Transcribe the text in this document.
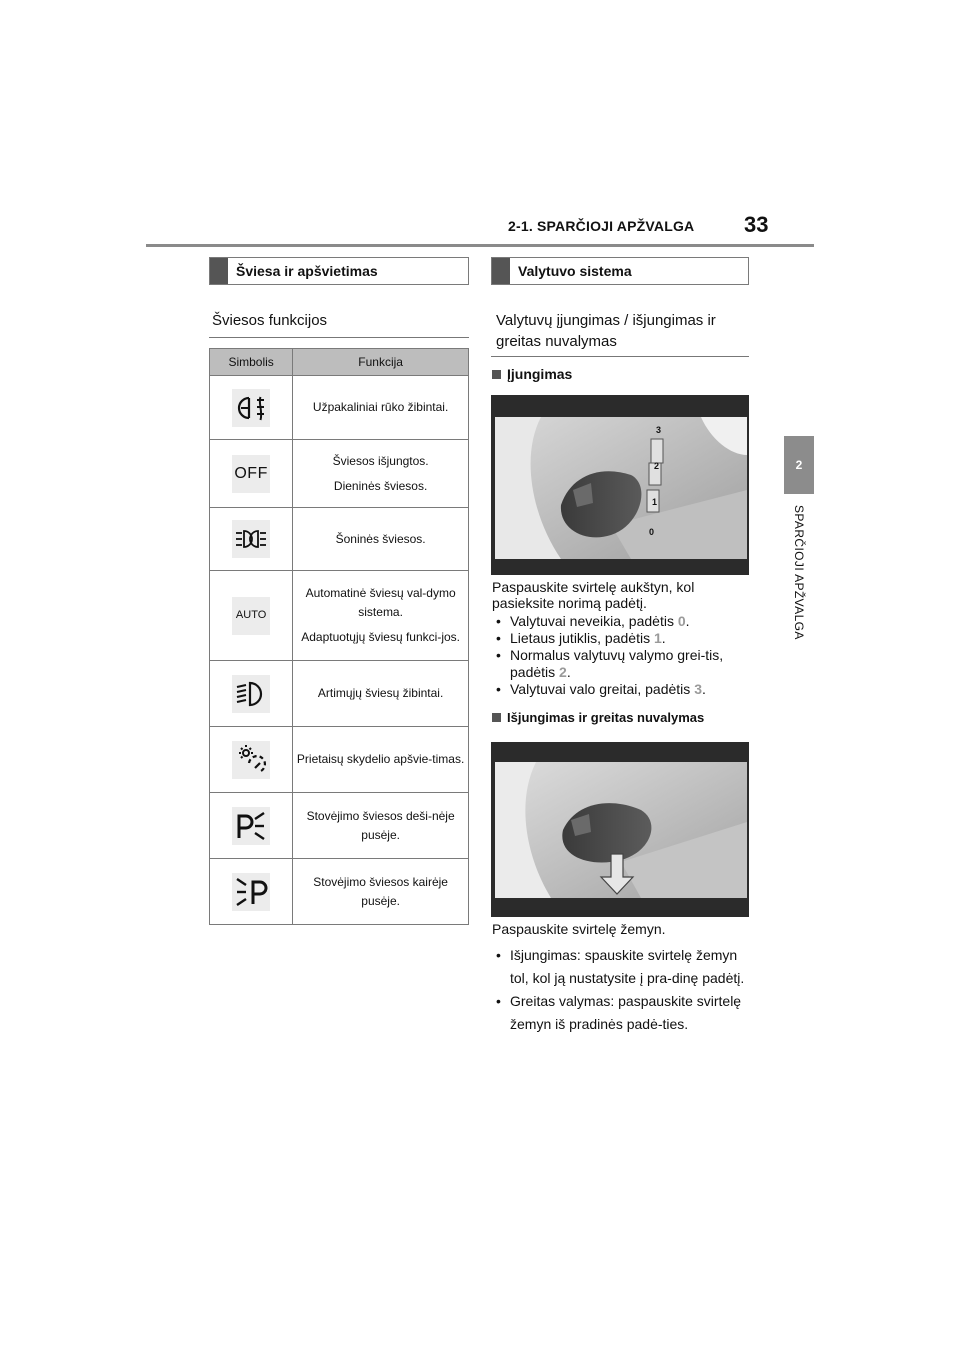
2-1. SPARČIOJI APŽVALGA 33
2
SPARČIOJI APŽVALGA
Šviesa ir apšvietimas
Šviesos funkcijos
Simbolis	Funkcija

Užpakaliniai rūko žibintai.

OFF	Šviesos išjungtos.
Dieninės šviesos.

Šoninės šviesos.

AUTO	Automatinė šviesų val-dymo sistema.
Adaptuotųjų šviesų funkci-jos.

Artimųjų šviesų žibintai.

Prietaisų skydelio apšvie-timas.

Stovėjimo šviesos deši-nėje pusėje.

Stovėjimo šviesos kairėje pusėje.
Valytuvo sistema
Valytuvų įjungimas / išjungimas ir
greitas nuvalymas
Įjungimas
3
2
1
0
Paspauskite svirtelę aukštyn, kol
pasieksite norimą padėtį.
• Valytuvai neveikia, padėtis 0.
• Lietaus jutiklis, padėtis 1.
• Normalus valytuvų valymo grei-tis, padėtis 2.
• Valytuvai valo greitai, padėtis 3.
Išjungimas ir greitas nuvalymas
Paspauskite svirtelę žemyn.
• Išjungimas: spauskite svirtelę žemyn tol, kol ją nustatysite į pra-dinę padėtį.
• Greitas valymas: paspauskite svirtelę žemyn iš pradinės padė-ties.
